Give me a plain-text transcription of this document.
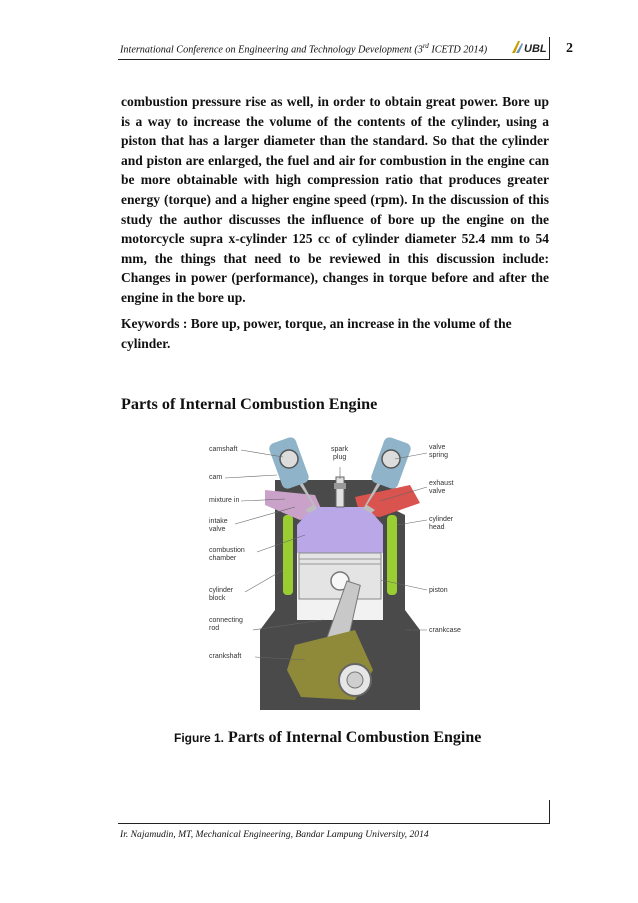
International Conference on Engineering and Technology Development (3rd ICETD 2014)	UBL 2

combustion pressure rise as well, in order to obtain great power. Bore up is a way to increase the volume of the contents of the cylinder, using a piston that has a larger diameter than the standard. So that the cylinder and piston are enlarged, the fuel and air for combustion in the engine can be more obtainable with high compression ratio that produces greater energy (torque) and a higher engine speed (rpm). In the discussion of this study the author discusses the influence of bore up the engine on the motorcycle supra x-cylinder 125 cc of cylinder diameter 52.4 mm to 54 mm, the things that need to be reviewed in this discussion include: Changes in power (performance), changes in torque before and after the engine in the bore up.

Keywords : Bore up, power, torque, an increase in the volume of the cylinder.

Parts of Internal Combustion Engine
camshaft
cam
mixture in
intake
valve
combustion
chamber
cylinder
block
connecting
rod
crankshaft
spark
plug
valve
spring
exhaust
valve
cylinder
head
piston
crankcase
Figure 1. Parts of Internal Combustion Engine
Ir. Najamudin, MT, Mechanical Engineering, Bandar Lampung University, 2014
